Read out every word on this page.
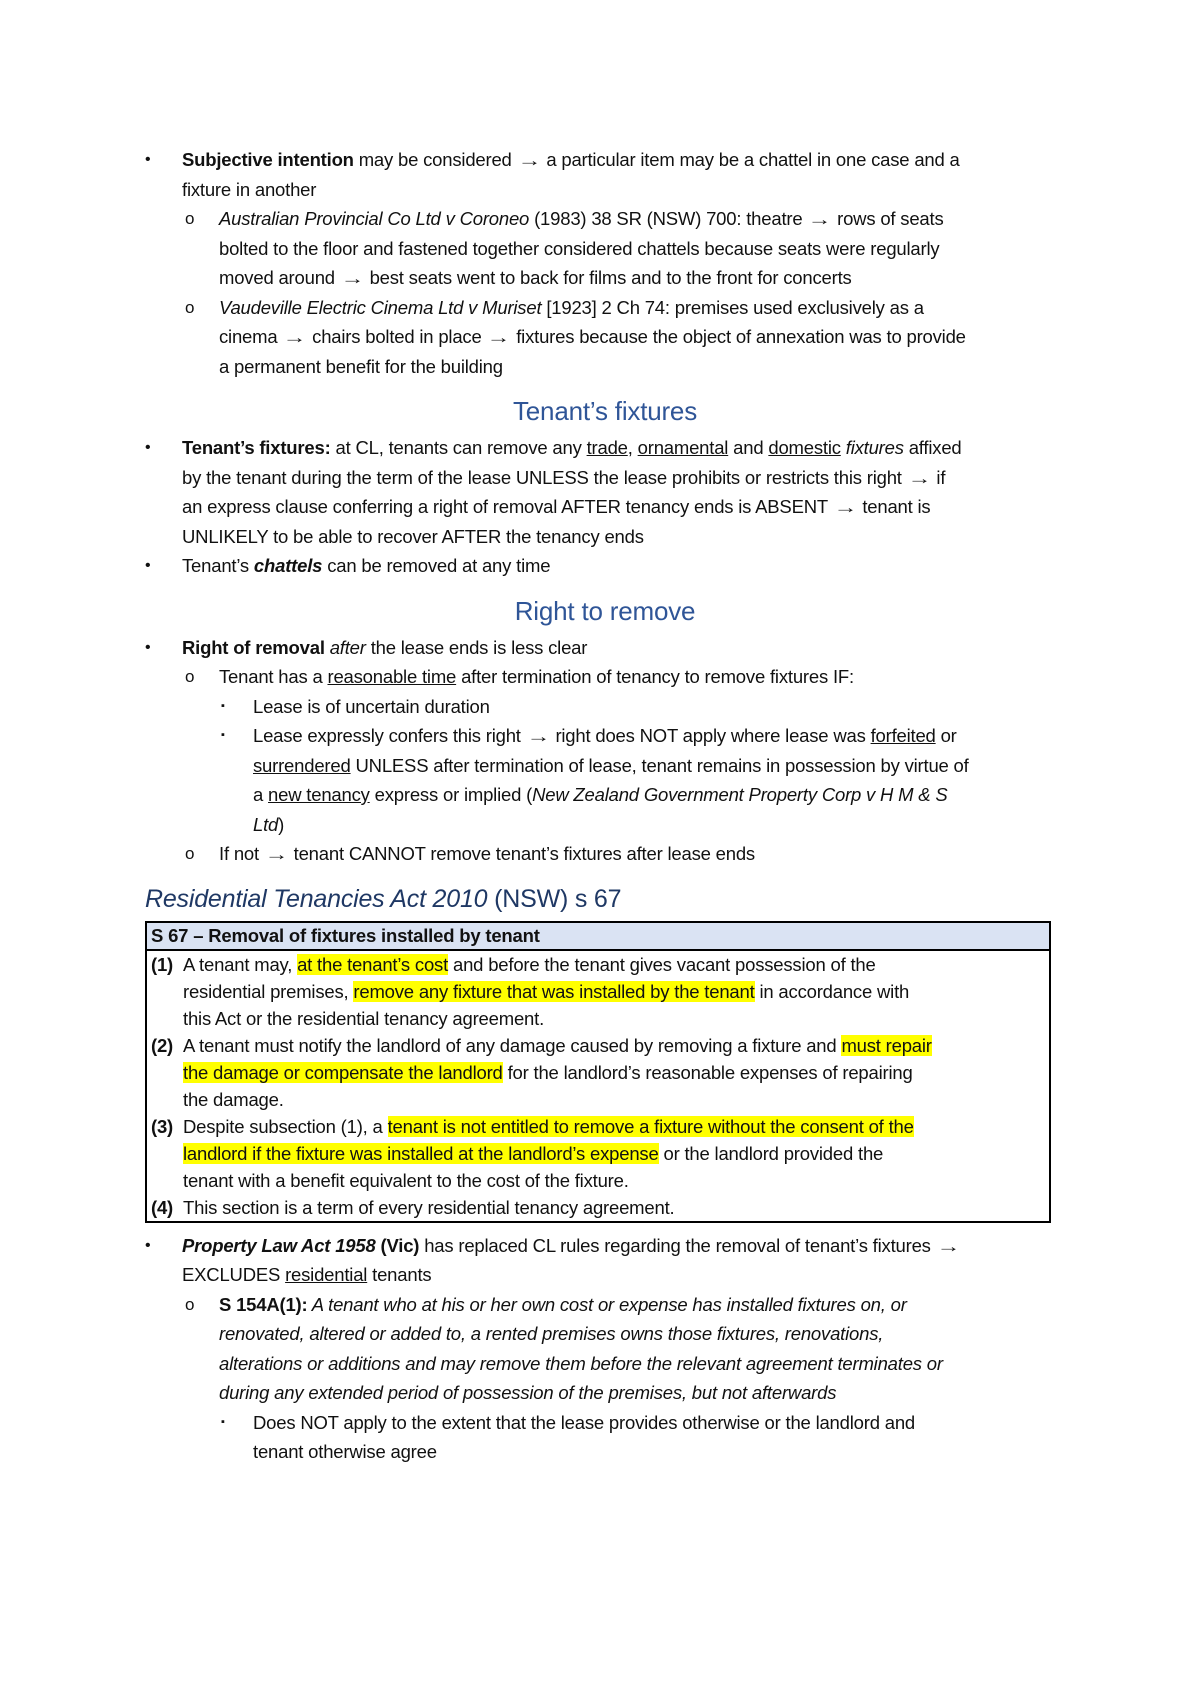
• Subjective intention may be considered → a particular item may be a chattel in one case and a
fixture in another
o Australian Provincial Co Ltd v Coroneo (1983) 38 SR (NSW) 700: theatre → rows of seats
bolted to the floor and fastened together considered chattels because seats were regularly
moved around → best seats went to back for films and to the front for concerts
o Vaudeville Electric Cinema Ltd v Muriset [1923] 2 Ch 74: premises used exclusively as a
cinema → chairs bolted in place → fixtures because the object of annexation was to provide
a permanent benefit for the building
Tenant’s fixtures
• Tenant’s fixtures: at CL, tenants can remove any trade, ornamental and domestic fixtures affixed
by the tenant during the term of the lease UNLESS the lease prohibits or restricts this right → if
an express clause conferring a right of removal AFTER tenancy ends is ABSENT → tenant is
UNLIKELY to be able to recover AFTER the tenancy ends
• Tenant’s chattels can be removed at any time
Right to remove
• Right of removal after the lease ends is less clear
o Tenant has a reasonable time after termination of tenancy to remove fixtures IF:
▪ Lease is of uncertain duration
▪ Lease expressly confers this right → right does NOT apply where lease was forfeited or
surrendered UNLESS after termination of lease, tenant remains in possession by virtue of
a new tenancy express or implied (New Zealand Government Property Corp v H M & S
Ltd)
o If not → tenant CANNOT remove tenant’s fixtures after lease ends
Residential Tenancies Act 2010 (NSW) s 67
S 67 – Removal of fixtures installed by tenant

(1) A tenant may, at the tenant’s cost and before the tenant gives vacant possession of the
residential premises, remove any fixture that was installed by the tenant in accordance with
this Act or the residential tenancy agreement.
(2) A tenant must notify the landlord of any damage caused by removing a fixture and must repair
the damage or compensate the landlord for the landlord’s reasonable expenses of repairing
the damage.
(3) Despite subsection (1), a tenant is not entitled to remove a fixture without the consent of the
landlord if the fixture was installed at the landlord’s expense or the landlord provided the
tenant with a benefit equivalent to the cost of the fixture.
(4) This section is a term of every residential tenancy agreement.
• Property Law Act 1958 (Vic) has replaced CL rules regarding the removal of tenant’s fixtures →
EXCLUDES residential tenants
o S 154A(1): A tenant who at his or her own cost or expense has installed fixtures on, or
renovated, altered or added to, a rented premises owns those fixtures, renovations,
alterations or additions and may remove them before the relevant agreement terminates or
during any extended period of possession of the premises, but not afterwards
▪ Does NOT apply to the extent that the lease provides otherwise or the landlord and
tenant otherwise agree
